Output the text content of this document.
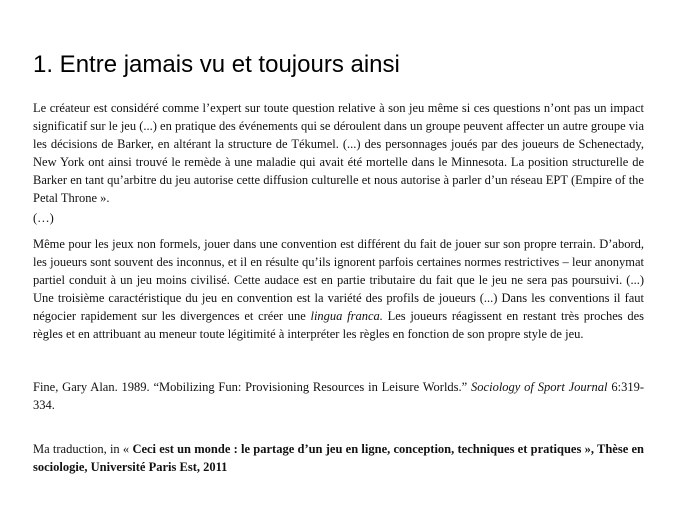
1. Entre jamais vu et toujours ainsi

Le créateur est considéré comme l’expert sur toute question relative à son jeu même si ces questions n’ont pas un impact significatif sur le jeu (...) en pratique des événements qui se déroulent dans un groupe peuvent affecter un autre groupe via les décisions de Barker, en altérant la structure de Tékumel. (...) des personnages joués par des joueurs de Schenectady, New York ont ainsi trouvé le remède à une maladie qui avait été mortelle dans le Minnesota. La position structurelle de Barker en tant qu’arbitre du jeu autorise cette diffusion culturelle et nous autorise à parler d’un réseau EPT (Empire of the Petal Throne ».

(…)

Même pour les jeux non formels, jouer dans une convention est différent du fait de jouer sur son propre terrain. D’abord, les joueurs sont souvent des inconnus, et il en résulte qu’ils ignorent parfois certaines normes restrictives – leur anonymat partiel conduit à un jeu moins civilisé. Cette audace est en partie tributaire du fait que le jeu ne sera pas poursuivi. (...) Une troisième caractéristique du jeu en convention est la variété des profils de joueurs (...) Dans les conventions il faut négocier rapidement sur les divergences et créer une lingua franca. Les joueurs réagissent en restant très proches des règles et en attribuant au meneur toute légitimité à interpréter les règles en fonction de son propre style de jeu.

Fine, Gary Alan. 1989. “Mobilizing Fun: Provisioning Resources in Leisure Worlds.” Sociology of Sport Journal 6:319-334.

Ma traduction, in « Ceci est un monde : le partage d’un jeu en ligne, conception, techniques et pratiques », Thèse en sociologie, Université Paris Est, 2011
